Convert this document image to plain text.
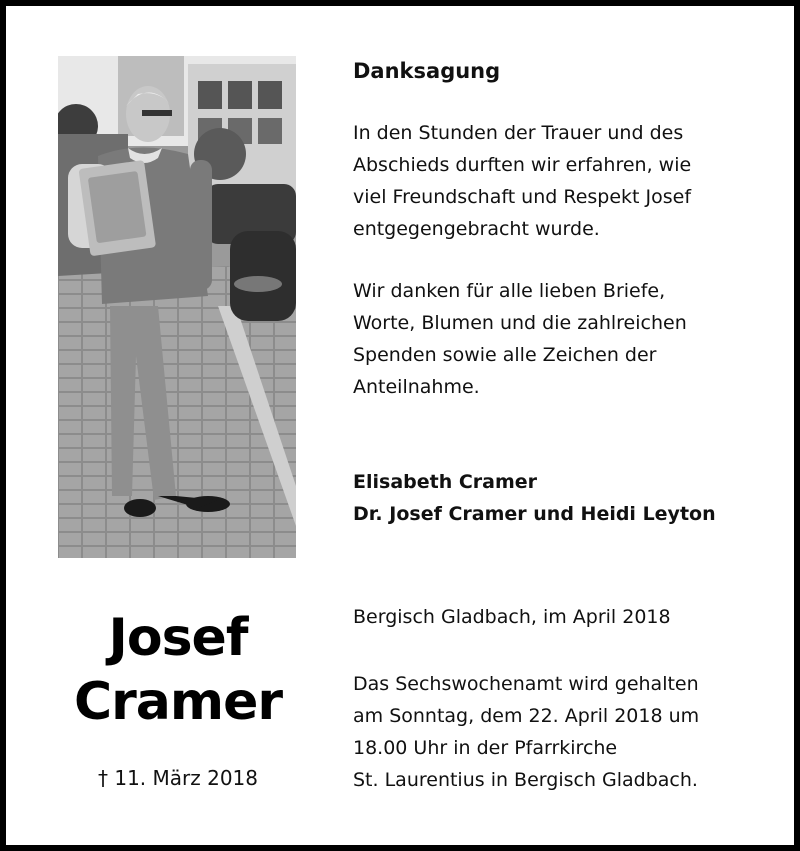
Josef
Cramer
† 11. März 2018
Danksagung
In den Stunden der Trauer und des
Abschieds durften wir erfahren, wie
viel Freundschaft und Respekt Josef
entgegengebracht wurde.
Wir danken für alle lieben Briefe,
Worte, Blumen und die zahlreichen
Spenden sowie alle Zeichen der
Anteilnahme.
Elisabeth Cramer
Dr. Josef Cramer und Heidi Leyton
Bergisch Gladbach, im April 2018
Das Sechswochenamt wird gehalten
am Sonntag, dem 22. April 2018 um
18.00 Uhr in der Pfarrkirche
St. Laurentius in Bergisch Gladbach.
